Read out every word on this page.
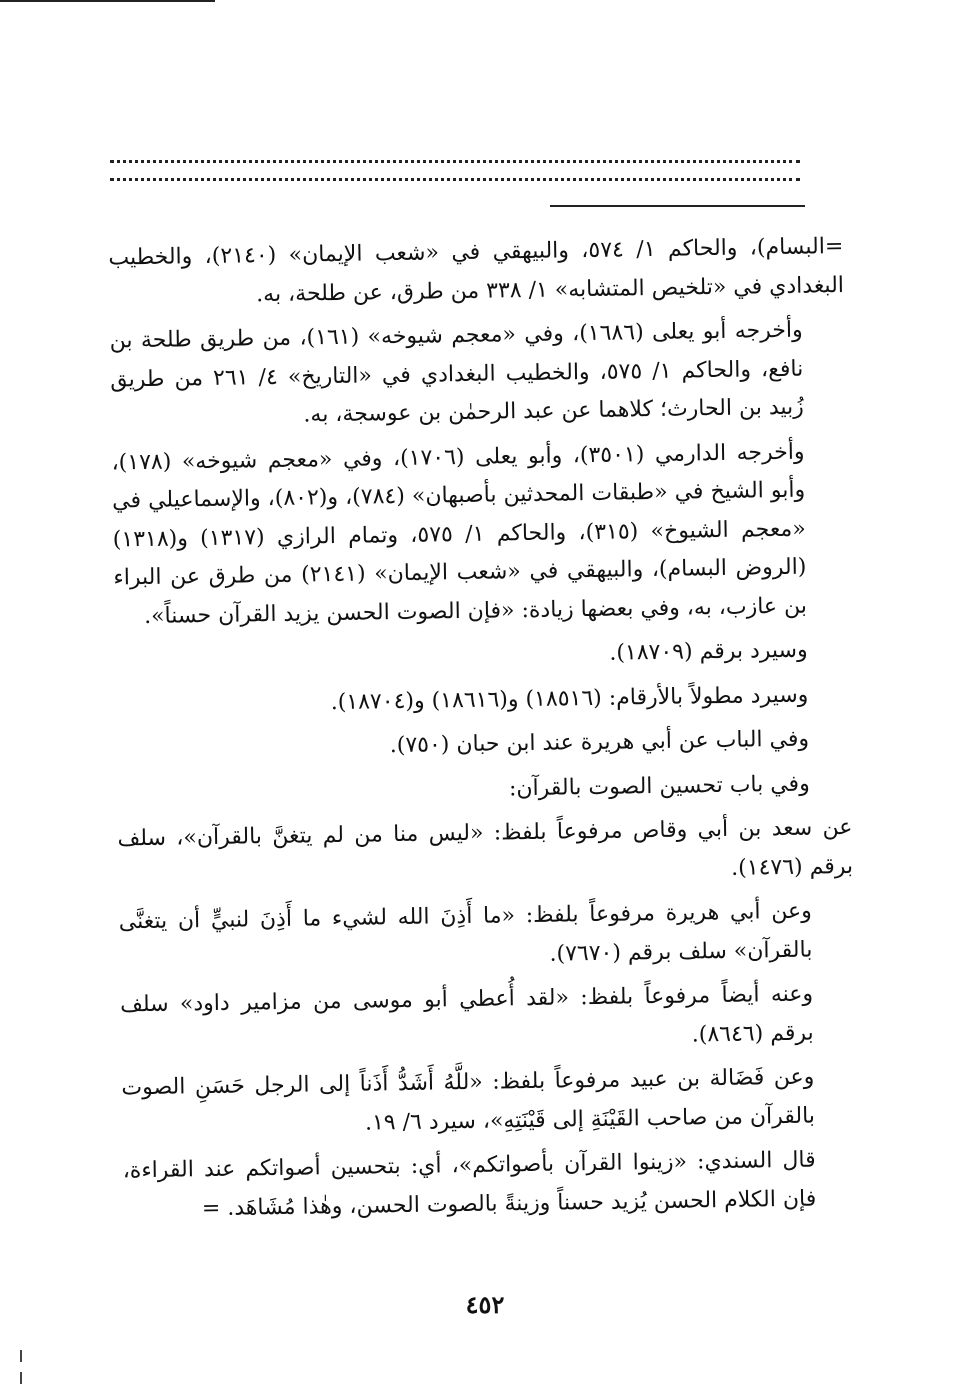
=البسام)، والحاكم ١/ ٥٧٤، والبيهقي في «شعب الإيمان» (٢١٤٠)، والخطيب البغدادي في «تلخيص المتشابه» ١/ ٣٣٨ من طرق، عن طلحة، به.

وأخرجه أبو يعلى (١٦٨٦)، وفي «معجم شيوخه» (١٦١)، من طريق طلحة بن نافع، والحاكم ١/ ٥٧٥، والخطيب البغدادي في «التاريخ» ٤/ ٢٦١ من طريق زُبيد بن الحارث؛ كلاهما عن عبد الرحمٰن بن عوسجة، به.

وأخرجه الدارمي (٣٥٠١)، وأبو يعلى (١٧٠٦)، وفي «معجم شيوخه» (١٧٨)، وأبو الشيخ في «طبقات المحدثين بأصبهان» (٧٨٤)، و(٨٠٢)، والإسماعيلي في «معجم الشيوخ» (٣١٥)، والحاكم ١/ ٥٧٥، وتمام الرازي (١٣١٧) و(١٣١٨) (الروض البسام)، والبيهقي في «شعب الإيمان» (٢١٤١) من طرق عن البراء بن عازب، به، وفي بعضها زيادة: «فإن الصوت الحسن يزيد القرآن حسناً».

وسيرد برقم (١٨٧٠٩).

وسيرد مطولاً بالأرقام: (١٨٥١٦) و(١٨٦١٦) و(١٨٧٠٤).

وفي الباب عن أبي هريرة عند ابن حبان (٧٥٠).

وفي باب تحسين الصوت بالقرآن:

عن سعد بن أبي وقاص مرفوعاً بلفظ: «ليس منا من لم يتغنَّ بالقرآن»، سلف برقم (١٤٧٦).

وعن أبي هريرة مرفوعاً بلفظ: «ما أَذِنَ الله لشيء ما أَذِنَ لنبيٍّ أن يتغنَّى بالقرآن» سلف برقم (٧٦٧٠).

وعنه أيضاً مرفوعاً بلفظ: «لقد أُعطي أبو موسى من مزامير داود» سلف برقم (٨٦٤٦).

وعن فَضَالة بن عبيد مرفوعاً بلفظ: «للَّهُ أَشَدُّ أَذَناً إلى الرجل حَسَنِ الصوت بالقرآن من صاحب القَيْنَةِ إلى قَيْنَتِهِ»، سيرد ٦/ ١٩.

قال السندي: «زينوا القرآن بأصواتكم»، أي: بتحسين أصواتكم عند القراءة، فإن الكلام الحسن يُزيد حسناً وزينةً بالصوت الحسن، وهٰذا مُشَاهَد. =

٤٥٢
